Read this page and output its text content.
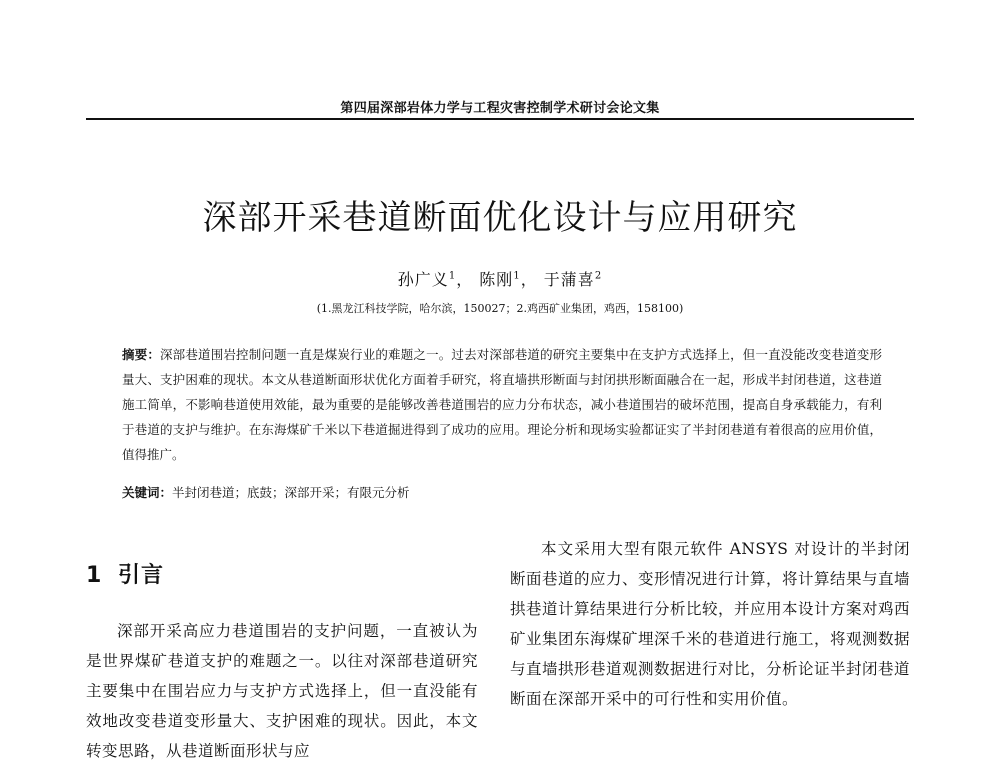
第四届深部岩体力学与工程灾害控制学术研讨会论文集
深部开采巷道断面优化设计与应用研究
孙广义$^1$， 陈刚$^1$， 于蒲喜$^2$
(1.黑龙江科技学院，哈尔滨，150027；2.鸡西矿业集团，鸡西，158100)
摘要：深部巷道围岩控制问题一直是煤炭行业的难题之一。过去对深部巷道的研究主要集中在支护方式选择上，但一直没能改变巷道变形量大、支护困难的现状。本文从巷道断面形状优化方面着手研究，将直墙拱形断面与封闭拱形断面融合在一起，形成半封闭巷道，这巷道施工简单，不影响巷道使用效能，最为重要的是能够改善巷道围岩的应力分布状态，减小巷道围岩的破坏范围，提高自身承载能力，有利于巷道的支护与维护。在东海煤矿千米以下巷道掘进得到了成功的应用。理论分析和现场实验都证实了半封闭巷道有着很高的应用价值，值得推广。
关键词：半封闭巷道；底鼓；深部开采；有限元分析
1 引言
深部开采高应力巷道围岩的支护问题，一直被认为是世界煤矿巷道支护的难题之一。以往对深部巷道研究主要集中在围岩应力与支护方式选择上，但一直没能有效地改变巷道变形量大、支护困难的现状。因此，本文转变思路，从巷道断面形状与应
本文采用大型有限元软件 ANSYS 对设计的半封闭断面巷道的应力、变形情况进行计算，将计算结果与直墙拱巷道计算结果进行分析比较，并应用本设计方案对鸡西矿业集团东海煤矿埋深千米的巷道进行施工，将观测数据与直墙拱形巷道观测数据进行对比，分析论证半封闭巷道断面在深部开采中的可行性和实用价值。
